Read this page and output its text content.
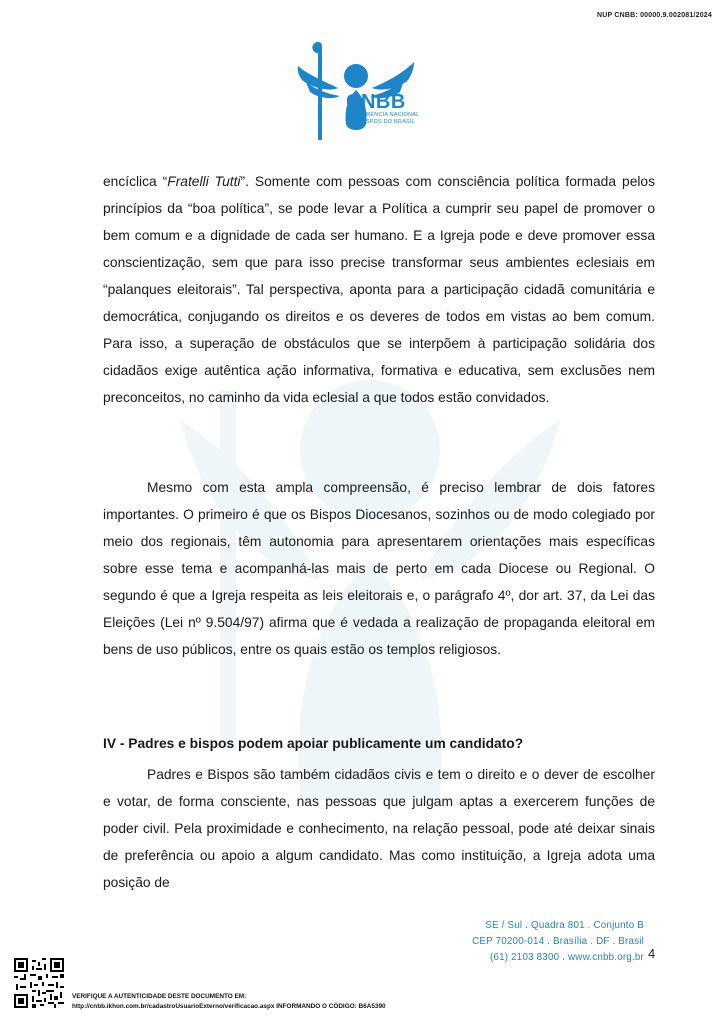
NUP CNBB: 00000.9.002081/2024
CNBB
CONFERÊNCIA NACIONAL
DOS BISPOS DO BRASIL

encíclica “Fratelli Tutti”. Somente com pessoas com consciência política formada pelos princípios da “boa política”, se pode levar a Política a cumprir seu papel de promover o bem comum e a dignidade de cada ser humano. E a Igreja pode e deve promover essa conscientização, sem que para isso precise transformar seus ambientes eclesiais em “palanques eleitorais”. Tal perspectiva, aponta para a participação cidadã comunitária e democrática, conjugando os direitos e os deveres de todos em vistas ao bem comum. Para isso, a superação de obstáculos que se interpõem à participação solidária dos cidadãos exige autêntica ação informativa, formativa e educativa, sem exclusões nem preconceitos, no caminho da vida eclesial a que todos estão convidados.

Mesmo com esta ampla compreensão, é preciso lembrar de dois fatores importantes. O primeiro é que os Bispos Diocesanos, sozinhos ou de modo colegiado por meio dos regionais, têm autonomia para apresentarem orientações mais específicas sobre esse tema e acompanhá-las mais de perto em cada Diocese ou Regional. O segundo é que a Igreja respeita as leis eleitorais e, o parágrafo 4º, dor art. 37, da Lei das Eleições (Lei nº 9.504/97) afirma que é vedada a realização de propaganda eleitoral em bens de uso públicos, entre os quais estão os templos religiosos.

IV - Padres e bispos podem apoiar publicamente um candidato?

Padres e Bispos são também cidadãos civis e tem o direito e o dever de escolher e votar, de forma consciente, nas pessoas que julgam aptas a exercerem funções de poder civil. Pela proximidade e conhecimento, na relação pessoal, pode até deixar sinais de preferência ou apoio a algum candidato. Mas como instituição, a Igreja adota uma posição de

SE / Sul . Quadra 801 . Conjunto B
CEP 70200-014 . Brasília . DF . Brasil
(61) 2103 8300 . www.cnbb.org.br 4
VERIFIQUE A AUTENTICIDADE DESTE DOCUMENTO EM:
http://cnbb.ikhon.com.br/cadastroUsuarioExterno/verificacao.aspx INFORMANDO O CÓDIGO: B6A5390
